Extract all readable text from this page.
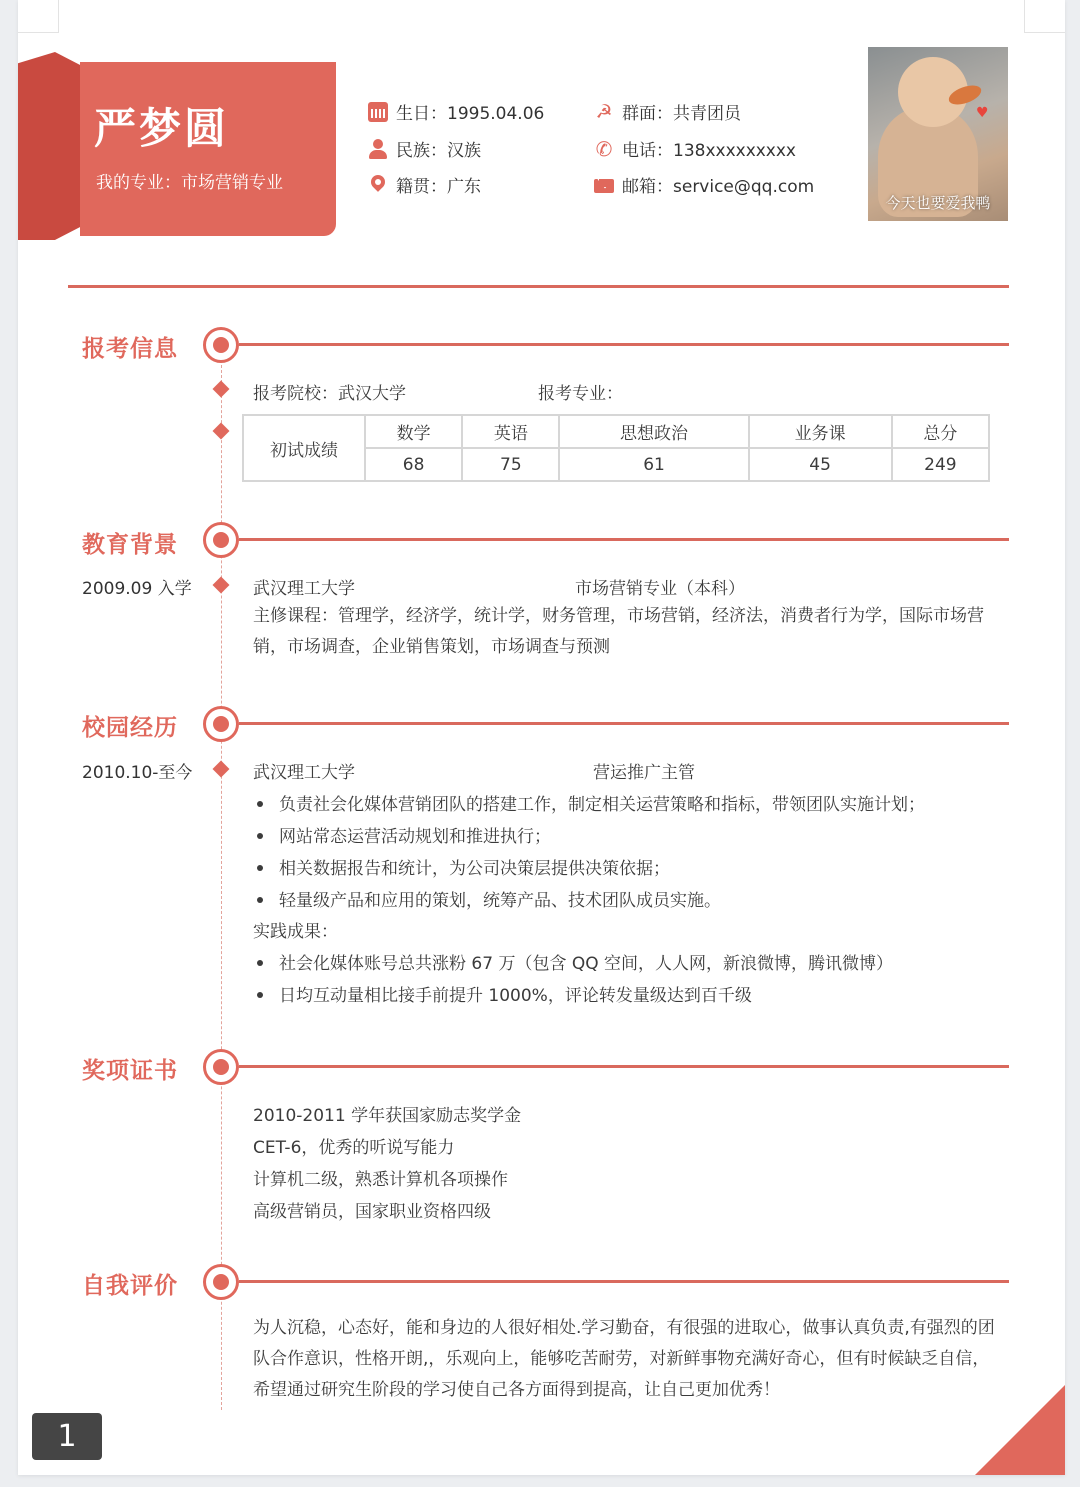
严梦圆
我的专业：市场营销专业
生日：1995.04.06
民族：汉族
籍贯：广东
☭ 群面：共青团员
✆ 电话：138xxxxxxxxx
邮箱：service@qq.com
♥
今天也要爱我鸭
报考信息
报考院校：武汉大学	报考专业：
初试成绩	数学	英语	思想政治	业务课	总分
	68	75	61	45	249
教育背景
2009.09 入学	武汉理工大学	市场营销专业（本科）
主修课程：管理学，经济学，统计学，财务管理，市场营销，经济法，消费者行为学，国际市场营销，市场调查，企业销售策划，市场调查与预测
校园经历
2010.10-至今	武汉理工大学	营运推广主管
负责社会化媒体营销团队的搭建工作，制定相关运营策略和指标，带领团队实施计划；
网站常态运营活动规划和推进执行；
相关数据报告和统计，为公司决策层提供决策依据；
轻量级产品和应用的策划，统筹产品、技术团队成员实施。
实践成果：
社会化媒体账号总共涨粉 67 万（包含 QQ 空间，人人网，新浪微博，腾讯微博）
日均互动量相比接手前提升 1000%，评论转发量级达到百千级
奖项证书
2010-2011 学年获国家励志奖学金
CET-6，优秀的听说写能力
计算机二级，熟悉计算机各项操作
高级营销员，国家职业资格四级
自我评价
为人沉稳，心态好，能和身边的人很好相处.学习勤奋，有很强的进取心，做事认真负责,有强烈的团队合作意识，性格开朗,，乐观向上，能够吃苦耐劳，对新鲜事物充满好奇心，但有时候缺乏自信，希望通过研究生阶段的学习使自己各方面得到提高，让自己更加优秀！
1
